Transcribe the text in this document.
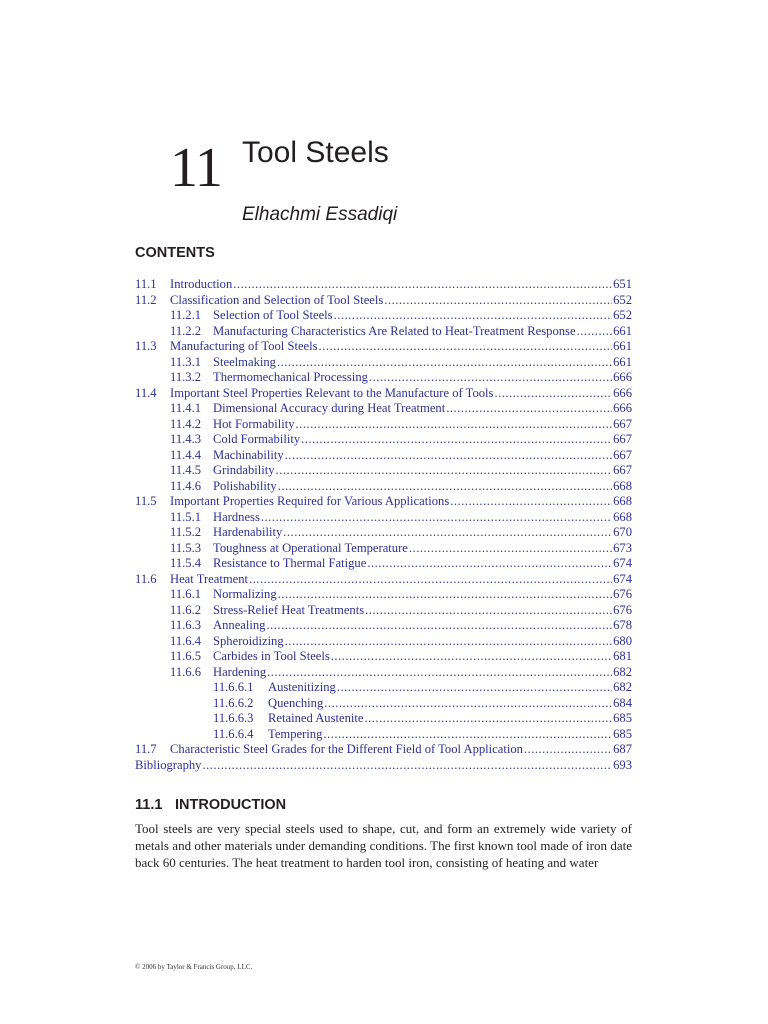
11 Tool Steels
Elhachmi Essadiqi
CONTENTS
11.1	Introduction .....	651
11.2	Classification and Selection of Tool Steels .....	652
11.2.1 Selection of Tool Steels .....	652
11.2.2 Manufacturing Characteristics Are Related to Heat-Treatment Response .....	661
11.3	Manufacturing of Tool Steels .....	661
11.3.1 Steelmaking .....	661
11.3.2 Thermomechanical Processing .....	666
11.4	Important Steel Properties Relevant to the Manufacture of Tools .....	666
11.4.1 Dimensional Accuracy during Heat Treatment .....	666
11.4.2 Hot Formability .....	667
11.4.3 Cold Formability .....	667
11.4.4 Machinability .....	667
11.4.5 Grindability .....	667
11.4.6 Polishability .....	668
11.5	Important Properties Required for Various Applications .....	668
11.5.1 Hardness .....	668
11.5.2 Hardenability .....	670
11.5.3 Toughness at Operational Temperature .....	673
11.5.4 Resistance to Thermal Fatigue .....	674
11.6	Heat Treatment .....	674
11.6.1 Normalizing .....	676
11.6.2 Stress-Relief Heat Treatments .....	676
11.6.3 Annealing .....	678
11.6.4 Spheroidizing .....	680
11.6.5 Carbides in Tool Steels .....	681
11.6.6 Hardening .....	682
11.6.6.1	Austenitizing .....	682
11.6.6.2	Quenching .....	684
11.6.6.3	Retained Austenite .....	685
11.6.6.4	Tempering .....	685
11.7	Characteristic Steel Grades for the Different Field of Tool Application .....	687
Bibliography .....	693
11.1 INTRODUCTION

Tool steels are very special steels used to shape, cut, and form an extremely wide variety of metals and other materials under demanding conditions. The first known tool made of iron date back 60 centuries. The heat treatment to harden tool iron, consisting of heating and water

© 2006 by Taylor & Francis Group, LLC.
